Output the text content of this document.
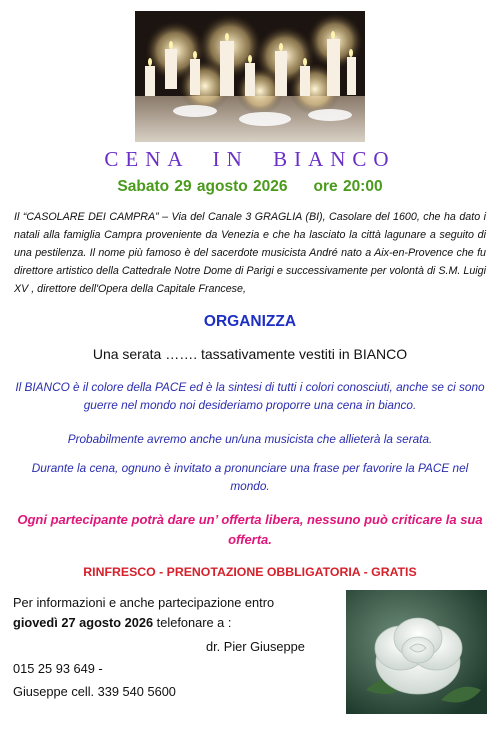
CENA IN BIANCO
Sabato 29 agosto 2026 ore 20:00
Il “CASOLARE DEI CAMPRA” – Via del Canale 3 GRAGLIA (BI), Casolare del 1600, che ha dato i natali alla famiglia Campra proveniente da Venezia e che ha lasciato la città lagunare a seguito di una pestilenza. Il nome più famoso è del sacerdote musicista André nato a Aix-en-Provence che fu direttore artistico della Cattedrale Notre Dome di Parigi e successivamente per volontà di S.M. Luigi XV , direttore dell'Opera della Capitale Francese,
ORGANIZZA
Una serata ……. tassativamente vestiti in BIANCO
Il BIANCO è il colore della PACE ed è la sintesi di tutti i colori conosciuti, anche se ci sono guerre nel mondo noi desideriamo proporre una cena in bianco.
Probabilmente avremo anche un/una musicista che allieterà la serata.
Durante la cena, ognuno è invitato a pronunciare una frase per favorire la PACE nel mondo.
Ogni partecipante potrà dare un’ offerta libera, nessuno può criticare la sua offerta.
RINFRESCO - PRENOTAZIONE OBBLIGATORIA - GRATIS
Per informazioni e anche partecipazione entro
giovedì 27 agosto 2026 telefonare a :
dr. Pier Giuseppe
015 25 93 649 -
Giuseppe cell. 339 540 5600
